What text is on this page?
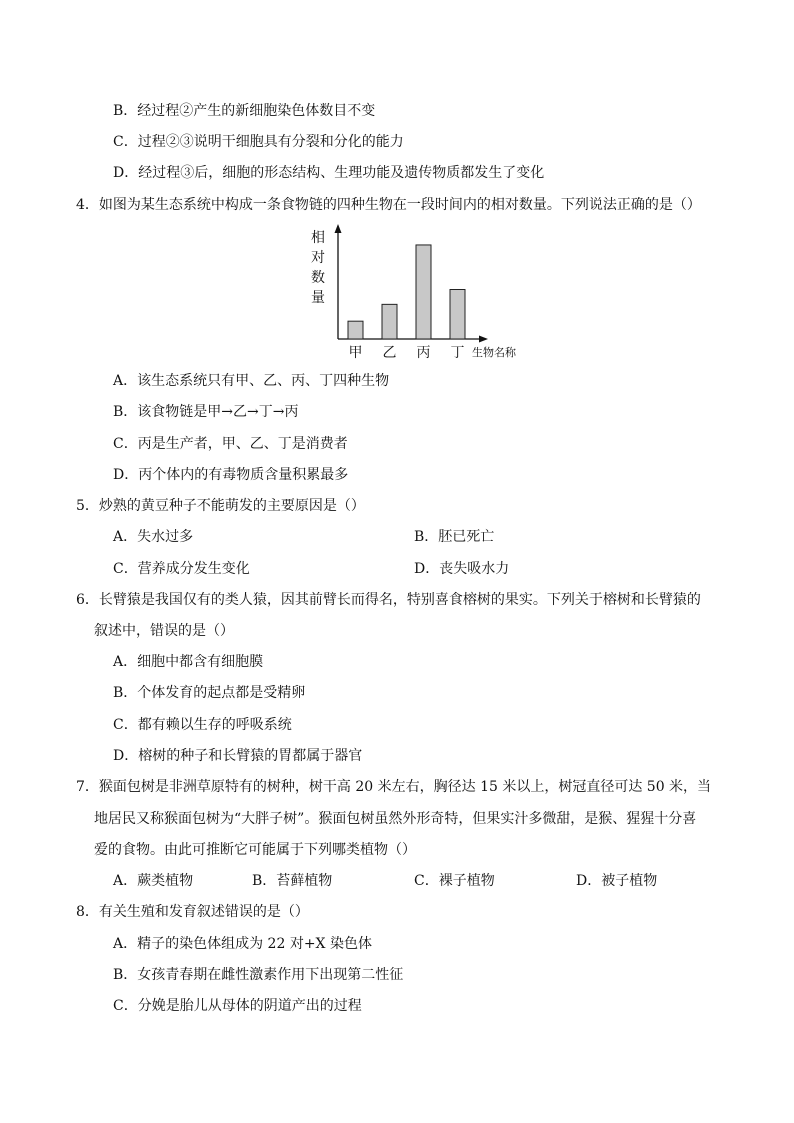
B．经过程②产生的新细胞染色体数目不变
C．过程②③说明干细胞具有分裂和分化的能力
D．经过程③后，细胞的形态结构、生理功能及遗传物质都发生了变化
4．如图为某生态系统中构成一条食物链的四种生物在一段时间内的相对数量。下列说法正确的是（）
相
对
数
量
甲 乙 丙 丁 生物名称
A．该生态系统只有甲、乙、丙、丁四种生物
B．该食物链是甲→乙→丁→丙
C．丙是生产者，甲、乙、丁是消费者
D．丙个体内的有毒物质含量积累最多
5．炒熟的黄豆种子不能萌发的主要原因是（）
A．失水过多	B．胚已死亡
C．营养成分发生变化	D．丧失吸水力
6．长臂猿是我国仅有的类人猿，因其前臂长而得名，特别喜食榕树的果实。下列关于榕树和长臂猿的
叙述中，错误的是（）
A．细胞中都含有细胞膜
B．个体发育的起点都是受精卵
C．都有赖以生存的呼吸系统
D．榕树的种子和长臂猿的胃都属于器官
7．猴面包树是非洲草原特有的树种，树干高 20 米左右，胸径达 15 米以上，树冠直径可达 50 米，当
地居民又称猴面包树为“大胖子树”。猴面包树虽然外形奇特，但果实汁多微甜，是猴、猩猩十分喜
爱的食物。由此可推断它可能属于下列哪类植物（）
A．蕨类植物	B．苔藓植物	C．裸子植物	D．被子植物
8．有关生殖和发育叙述错误的是（）
A．精子的染色体组成为 22 对+X 染色体
B．女孩青春期在雌性激素作用下出现第二性征
C．分娩是胎儿从母体的阴道产出的过程
